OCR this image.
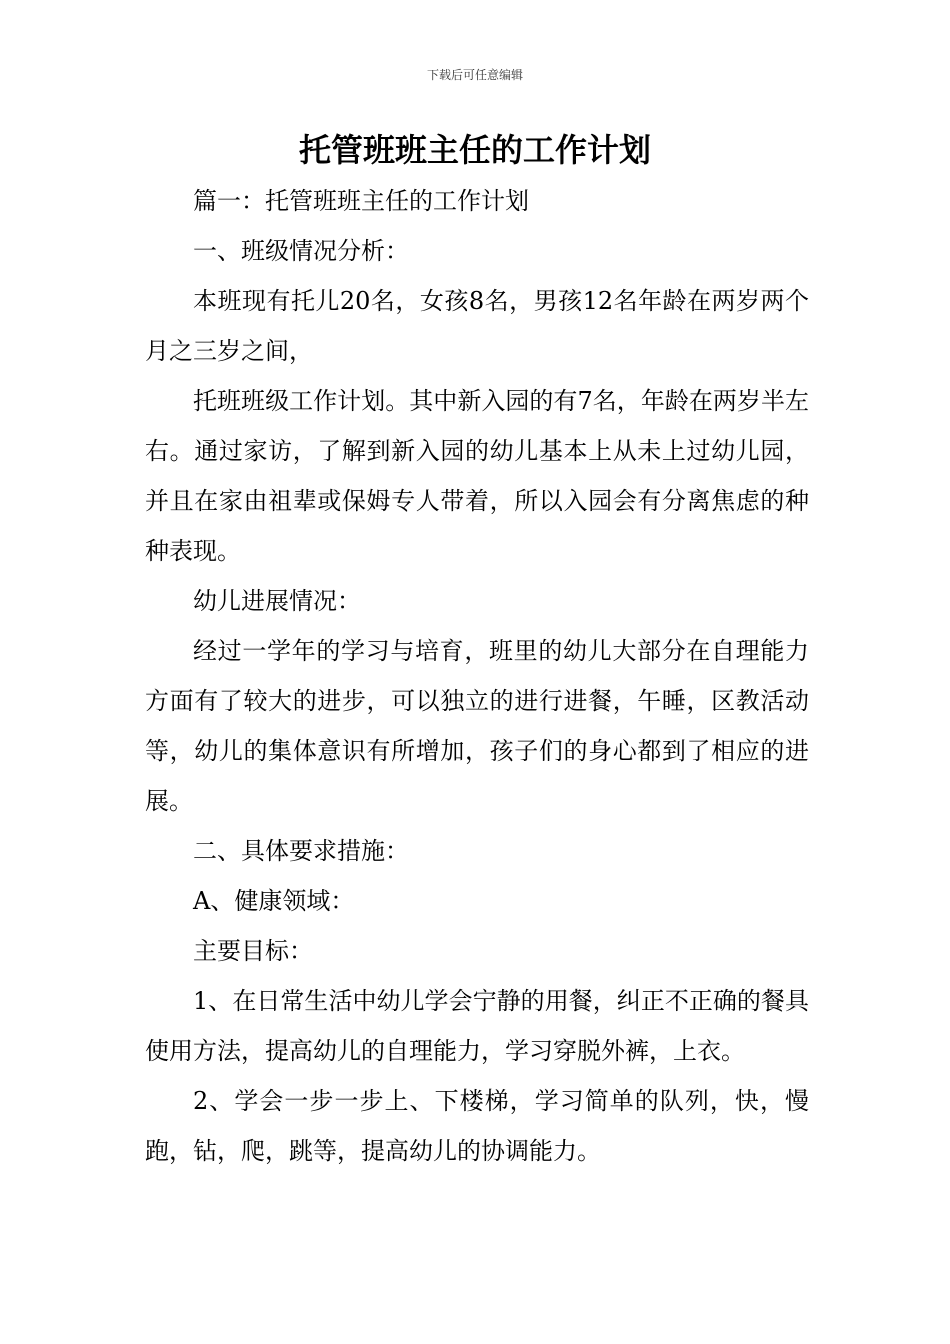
下载后可任意编辑
托管班班主任的工作计划

篇一：托管班班主任的工作计划

一、班级情况分析：

本班现有托儿20名，女孩8名，男孩12名年龄在两岁两个月之三岁之间，

托班班级工作计划。其中新入园的有7名，年龄在两岁半左右。通过家访，了解到新入园的幼儿基本上从未上过幼儿园，并且在家由祖辈或保姆专人带着，所以入园会有分离焦虑的种种表现。

幼儿进展情况：

经过一学年的学习与培育，班里的幼儿大部分在自理能力方面有了较大的进步，可以独立的进行进餐，午睡，区教活动等，幼儿的集体意识有所增加，孩子们的身心都到了相应的进展。

二、具体要求措施：

A、健康领域：

主要目标：

1、在日常生活中幼儿学会宁静的用餐，纠正不正确的餐具使用方法，提高幼儿的自理能力，学习穿脱外裤，上衣。

2、学会一步一步上、下楼梯，学习简单的队列，快，慢跑，钻，爬，跳等，提高幼儿的协调能力。
